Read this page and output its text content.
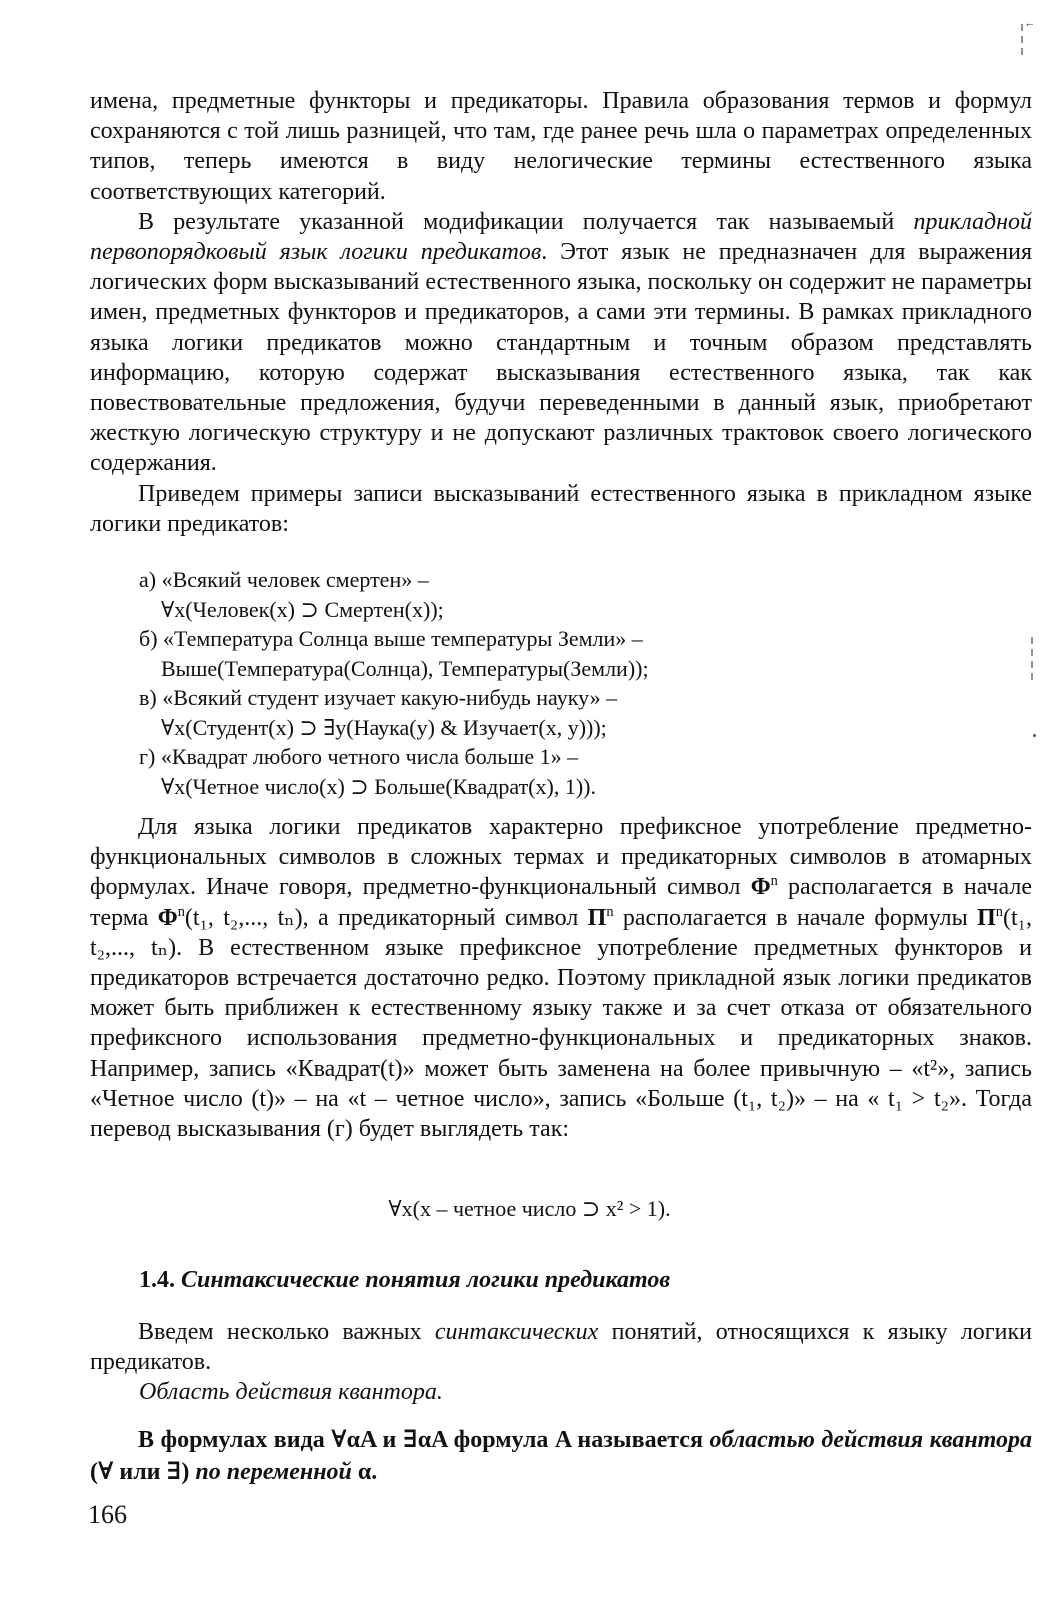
↓ ‖‖‖
‖‖‖‖

имена, предметные функторы и предикаторы. Правила образования термов и формул сохраняются с той лишь разницей, что там, где ранее речь шла о параметрах определенных типов, теперь имеются в виду нелогические термины естественного языка соответствующих категорий.

В результате указанной модификации получается так называемый прикладной первопорядковый язык логики предикатов. Этот язык не предназначен для выражения логических форм высказываний естественного языка, поскольку он содержит не параметры имен, предметных функторов и предикаторов, а сами эти термины. В рамках прикладного языка логики предикатов можно стандартным и точным образом представлять информацию, которую содержат высказывания естественного языка, так как повествовательные предложения, будучи переведенными в данный язык, приобретают жесткую логическую структуру и не допускают различных трактовок своего логического содержания.

Приведем примеры записи высказываний естественного языка в прикладном языке логики предикатов:

а) «Всякий человек смертен» –

∀x(Человек(x) ⊃ Смертен(x));

б) «Температура Солнца выше температуры Земли» –

Выше(Температура(Солнца), Температуры(Земли));

в) «Всякий студент изучает какую-нибудь науку» –

∀x(Студент(x) ⊃ ∃y(Наука(y) & Изучает(x, y)));

г) «Квадрат любого четного числа больше 1» –

∀x(Четное число(x) ⊃ Больше(Квадрат(x), 1)).

Для языка логики предикатов характерно префиксное употребление предметно-функциональных символов в сложных термах и предикаторных символов в атомарных формулах. Иначе говоря, предметно-функциональный символ $\Phi^n$ располагается в начале терма $\Phi^n(t_1$, t₂,..., tₙ), а предикаторный символ $\Pi^n$ располагается в начале формулы $\Pi^n(t_1$, t₂,..., tₙ). В естественном языке префиксное употребление предметных функторов и предикаторов встречается достаточно редко. Поэтому прикладной язык логики предикатов может быть приближен к естественному языку также и за счет отказа от обязательного префиксного использования предметно-функциональных и предикаторных знаков. Например, запись «Квадрат(t)» может быть заменена на более привычную – «t²», запись «Четное число (t)» – на «t – четное число», запись «Больше (t₁, t₂)» – на « t₁ > t₂». Тогда перевод высказывания (г) будет выглядеть так:

∀x(x – четное число ⊃ x² > 1).
1.4. Синтаксические понятия логики предикатов

Введем несколько важных синтаксических понятий, относящихся к языку логики предикатов.

Область действия квантора.
В формулах вида ∀αA и ∃αA формула A называется областью действия квантора (∀ или ∃) по переменной α.
166
